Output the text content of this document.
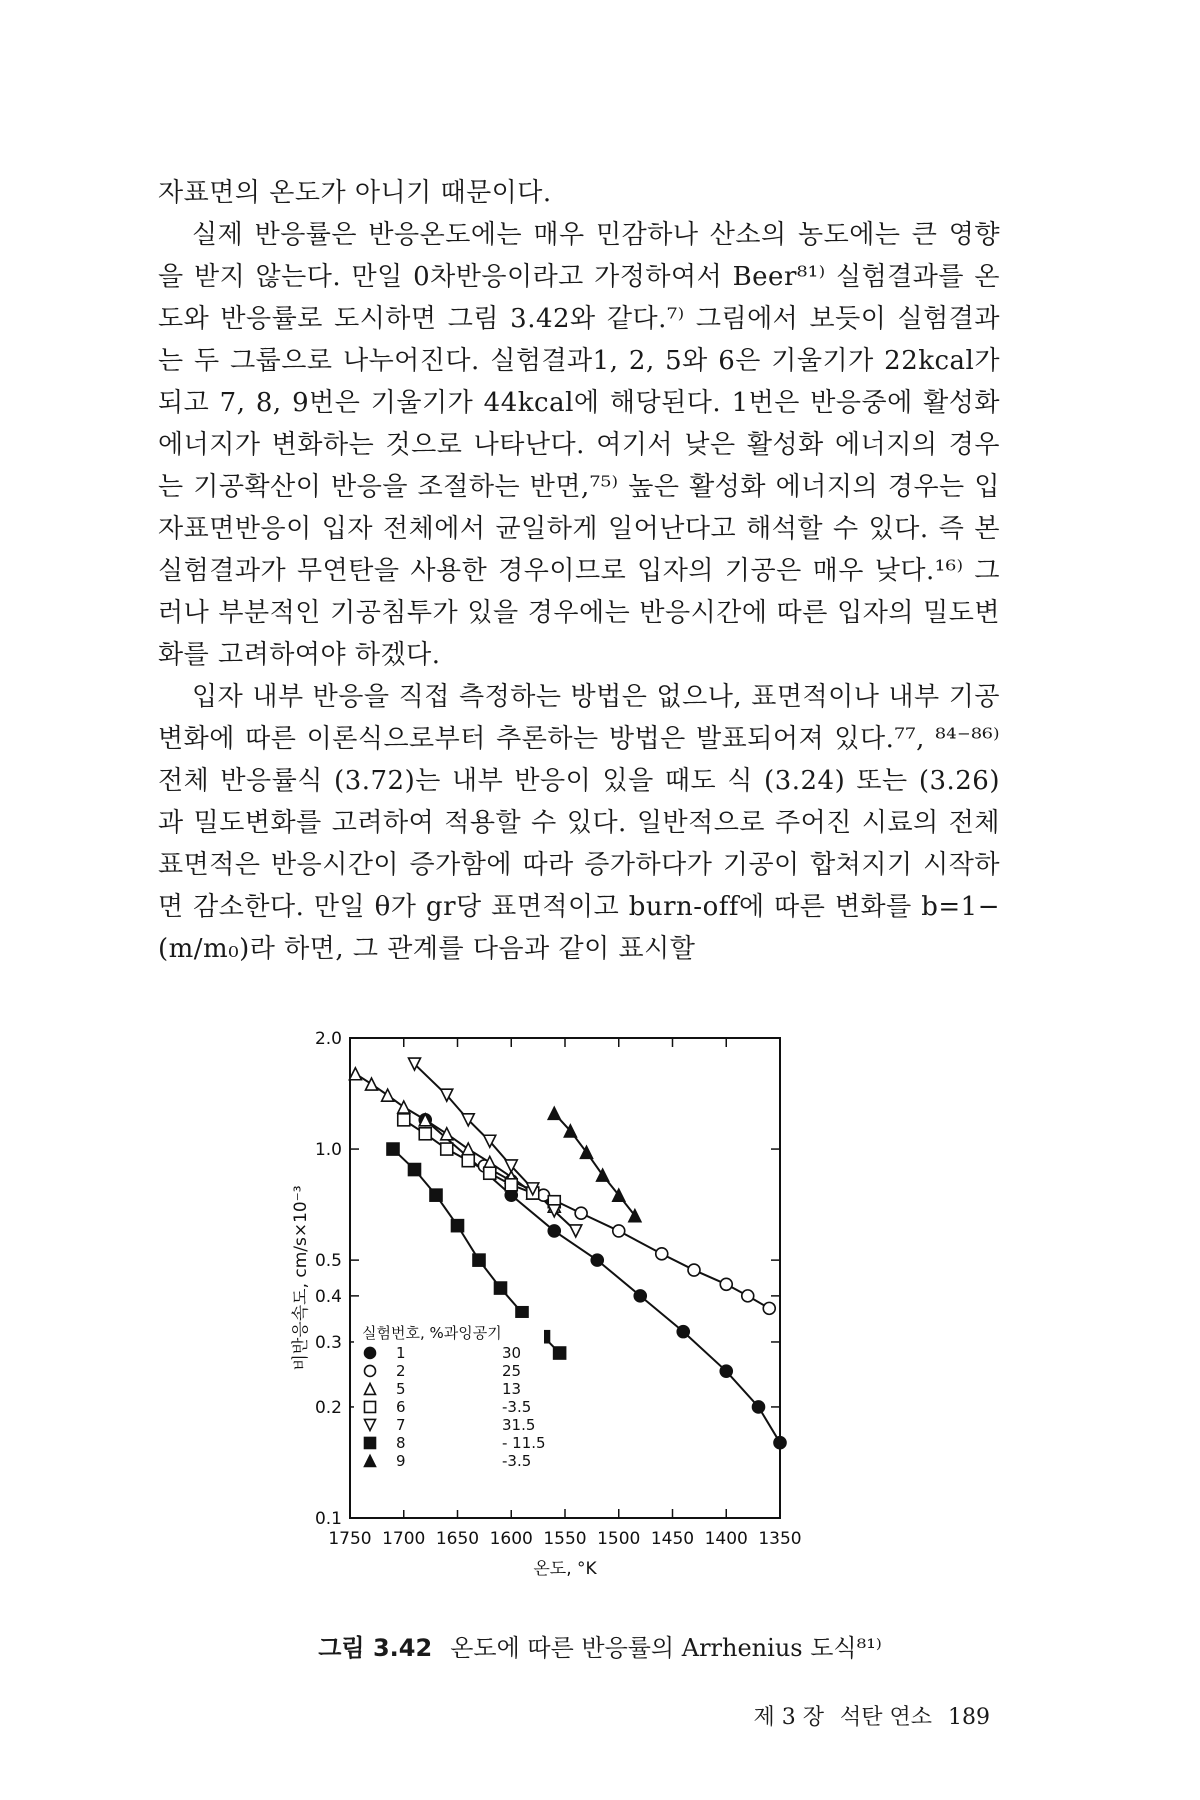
자표면의 온도가 아니기 때문이다.

실제 반응률은 반응온도에는 매우 민감하나 산소의 농도에는 큰 영향을 받지 않는다. 만일 0차반응이라고 가정하여서 Beer⁸¹⁾ 실험결과를 온도와 반응률로 도시하면 그림 3.42와 같다.⁷⁾ 그림에서 보듯이 실험결과는 두 그룹으로 나누어진다. 실험결과1, 2, 5와 6은 기울기가 22kcal가 되고 7, 8, 9번은 기울기가 44kcal에 해당된다. 1번은 반응중에 활성화 에너지가 변화하는 것으로 나타난다. 여기서 낮은 활성화 에너지의 경우는 기공확산이 반응을 조절하는 반면,⁷⁵⁾ 높은 활성화 에너지의 경우는 입자표면반응이 입자 전체에서 균일하게 일어난다고 해석할 수 있다. 즉 본 실험결과가 무연탄을 사용한 경우이므로 입자의 기공은 매우 낮다.¹⁶⁾ 그러나 부분적인 기공침투가 있을 경우에는 반응시간에 따른 입자의 밀도변화를 고려하여야 하겠다.

입자 내부 반응을 직접 측정하는 방법은 없으나, 표면적이나 내부 기공변화에 따른 이론식으로부터 추론하는 방법은 발표되어져 있다.⁷⁷, ⁸⁴⁻⁸⁶⁾ 전체 반응률식 (3.72)는 내부 반응이 있을 때도 식 (3.24) 또는 (3.26)과 밀도변화를 고려하여 적용할 수 있다. 일반적으로 주어진 시료의 전체 표면적은 반응시간이 증가함에 따라 증가하다가 기공이 합쳐지기 시작하면 감소한다. 만일 θ가 gr당 표면적이고 burn-off에 따른 변화를 b=1−(m/m₀)라 하면, 그 관계를 다음과 같이 표시할

1750 1700 1650 1600 1550 1500 1450 1400 1350
2.0
1.0
0.5
0.4
0.3
0.2
0.1
온도, °K
비반응속도, cm/s×10⁻³	실험번호, %과잉공기
1	30
2	25
5	13
6	-3.5
7	31.5
8	- 11.5
9	-3.5
그림 3.42 온도에 따른 반응률의 Arrhenius 도식⁸¹⁾
제 3 장 석탄 연소 189
